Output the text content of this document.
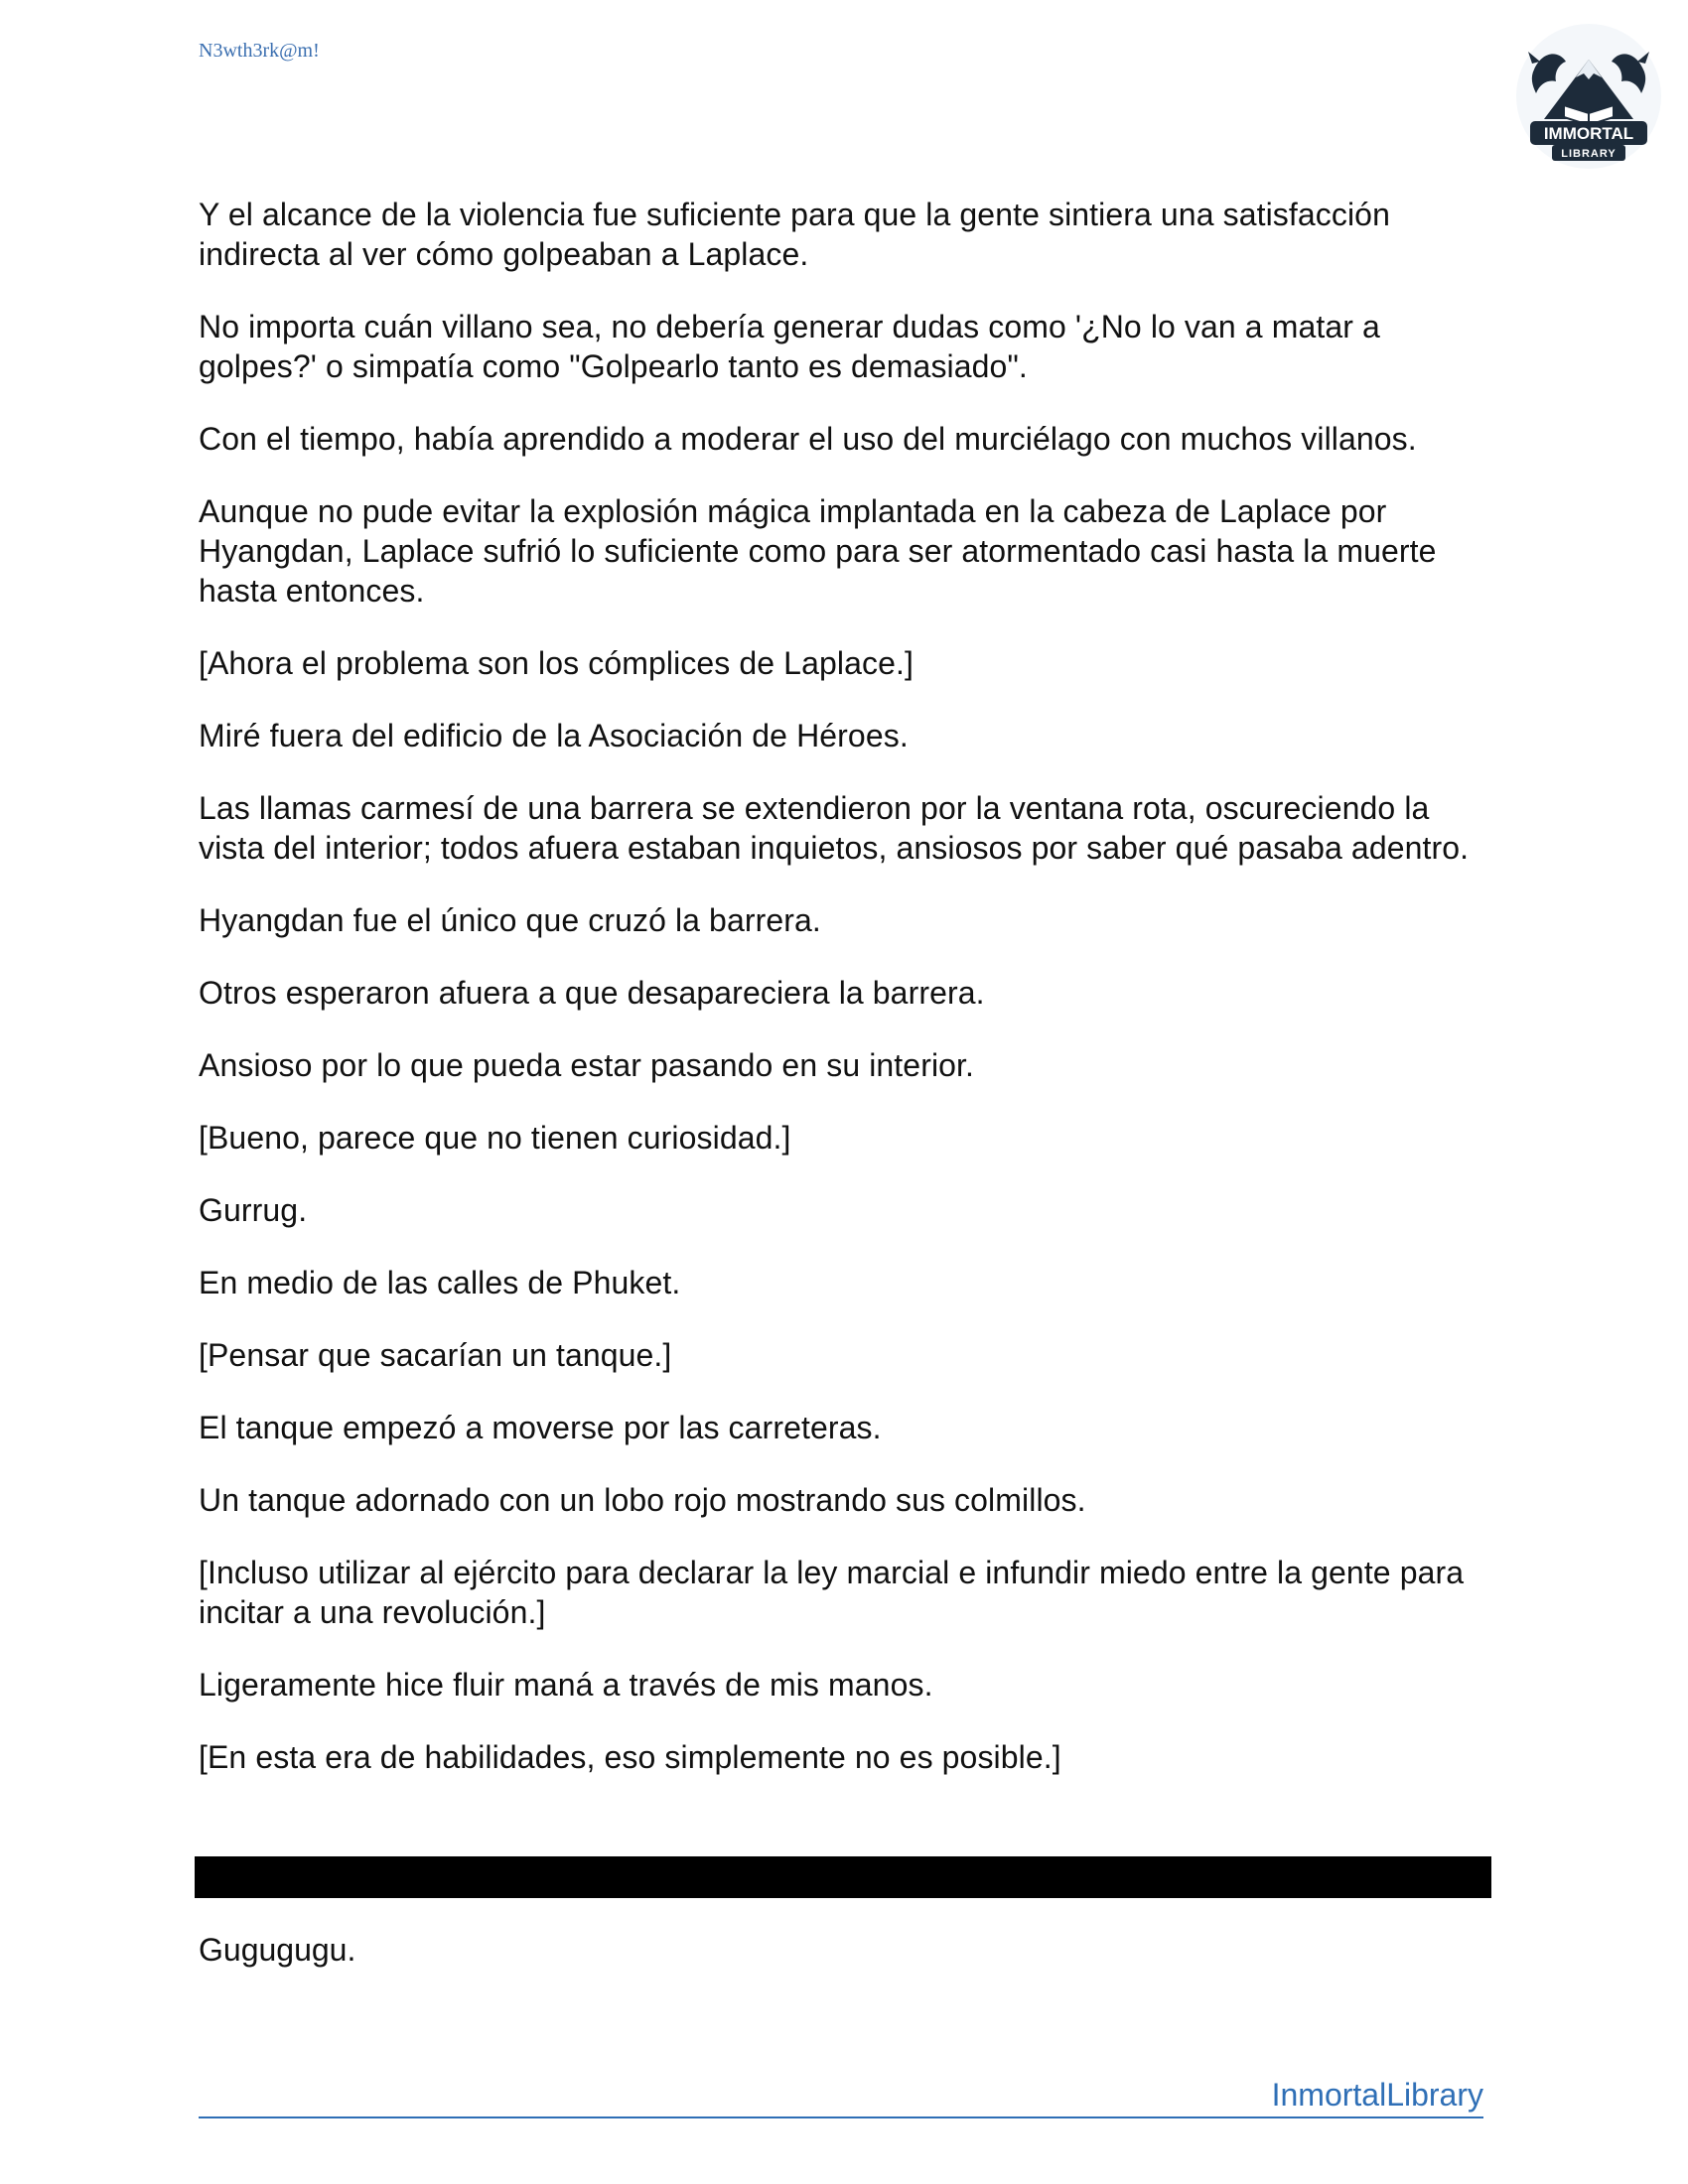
N3wth3rk@m!
IMMORTAL
LIBRARY

Y el alcance de la violencia fue suficiente para que la gente sintiera una satisfacción indirecta al ver cómo golpeaban a Laplace.

No importa cuán villano sea, no debería generar dudas como '¿No lo van a matar a golpes?' o simpatía como "Golpearlo tanto es demasiado".

Con el tiempo, había aprendido a moderar el uso del murciélago con muchos villanos.

Aunque no pude evitar la explosión mágica implantada en la cabeza de Laplace por Hyangdan, Laplace sufrió lo suficiente como para ser atormentado casi hasta la muerte hasta entonces.

[Ahora el problema son los cómplices de Laplace.]

Miré fuera del edificio de la Asociación de Héroes.

Las llamas carmesí de una barrera se extendieron por la ventana rota, oscureciendo la vista del interior; todos afuera estaban inquietos, ansiosos por saber qué pasaba adentro.

Hyangdan fue el único que cruzó la barrera.

Otros esperaron afuera a que desapareciera la barrera.

Ansioso por lo que pueda estar pasando en su interior.

[Bueno, parece que no tienen curiosidad.]

Gurrug.

En medio de las calles de Phuket.

[Pensar que sacarían un tanque.]

El tanque empezó a moverse por las carreteras.

Un tanque adornado con un lobo rojo mostrando sus colmillos.

[Incluso utilizar al ejército para declarar la ley marcial e infundir miedo entre la gente para incitar a una revolución.]

Ligeramente hice fluir maná a través de mis manos.

[En esta era de habilidades, eso simplemente no es posible.]

Gugugugu.
InmortalLibrary
